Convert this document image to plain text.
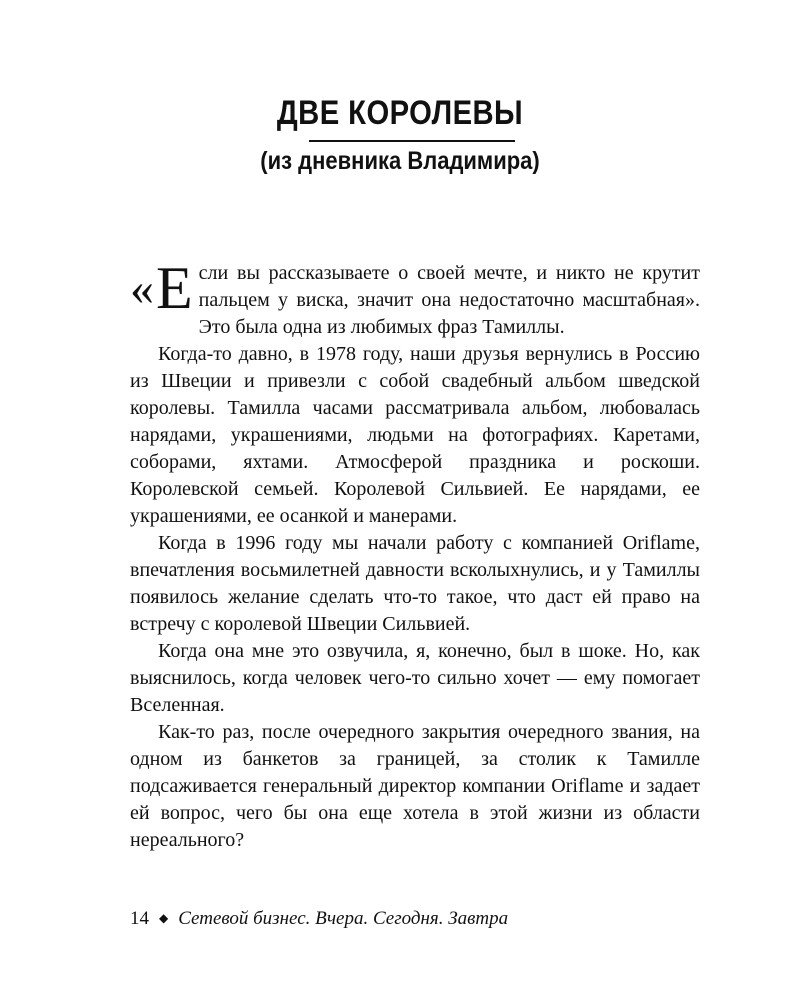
ДВЕ КОРОЛЕВЫ
(из дневника Владимира)

«Е сли вы рассказываете о своей мечте, и никто не крутит пальцем у виска, значит она недостаточно масштабная». Это была одна из любимых фраз Тамиллы.

Когда-то давно, в 1978 году, наши друзья вернулись в Россию из Швеции и привезли с собой свадебный альбом шведской королевы. Тамилла часами рассматривала альбом, любовалась нарядами, украшениями, людьми на фотографиях. Каретами, соборами, яхтами. Атмосферой праздника и роскоши. Королевской семьей. Королевой Сильвией. Ее нарядами, ее украшениями, ее осанкой и манерами.

Когда в 1996 году мы начали работу с компанией Oriflame, впечатления восьмилетней давности всколыхнулись, и у Тамиллы появилось желание сделать что-то такое, что даст ей право на встречу с королевой Швеции Сильвией.

Когда она мне это озвучила, я, конечно, был в шоке. Но, как выяснилось, когда человек чего-то сильно хочет — ему помогает Вселенная.

Как-то раз, после очередного закрытия очередного звания, на одном из банкетов за границей, за столик к Тамилле подсаживается генеральный директор компании Oriflame и задает ей вопрос, чего бы она еще хотела в этой жизни из области нереального?

14 ◆ Сетевой бизнес. Вчера. Сегодня. Завтра
